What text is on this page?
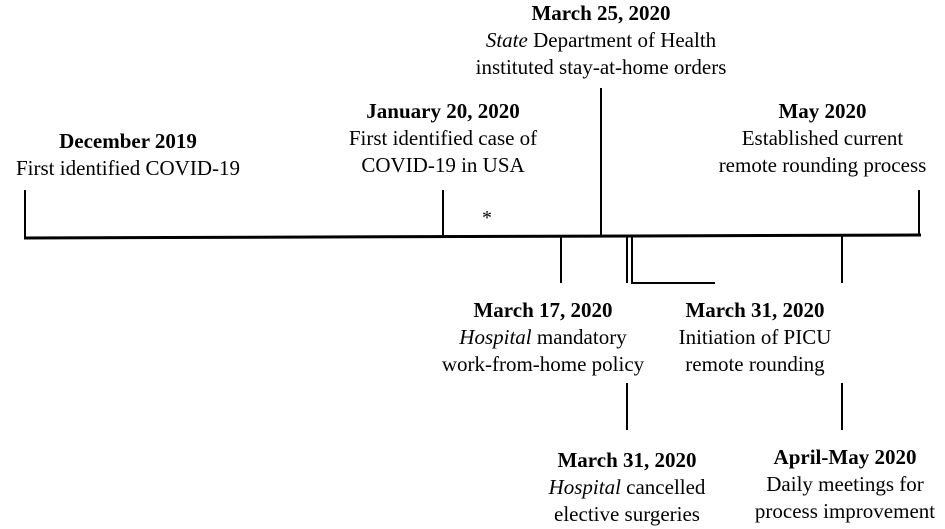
*
December 2019
First identified COVID-19
January 20, 2020
First identified case of
COVID-19 in USA
March 25, 2020
State Department of Health
instituted stay-at-home orders
May 2020
Established current
remote rounding process
March 17, 2020
Hospital mandatory
work-from-home policy
March 31, 2020
Initiation of PICU
remote rounding
March 31, 2020
Hospital cancelled
elective surgeries
April-May 2020
Daily meetings for
process improvement
